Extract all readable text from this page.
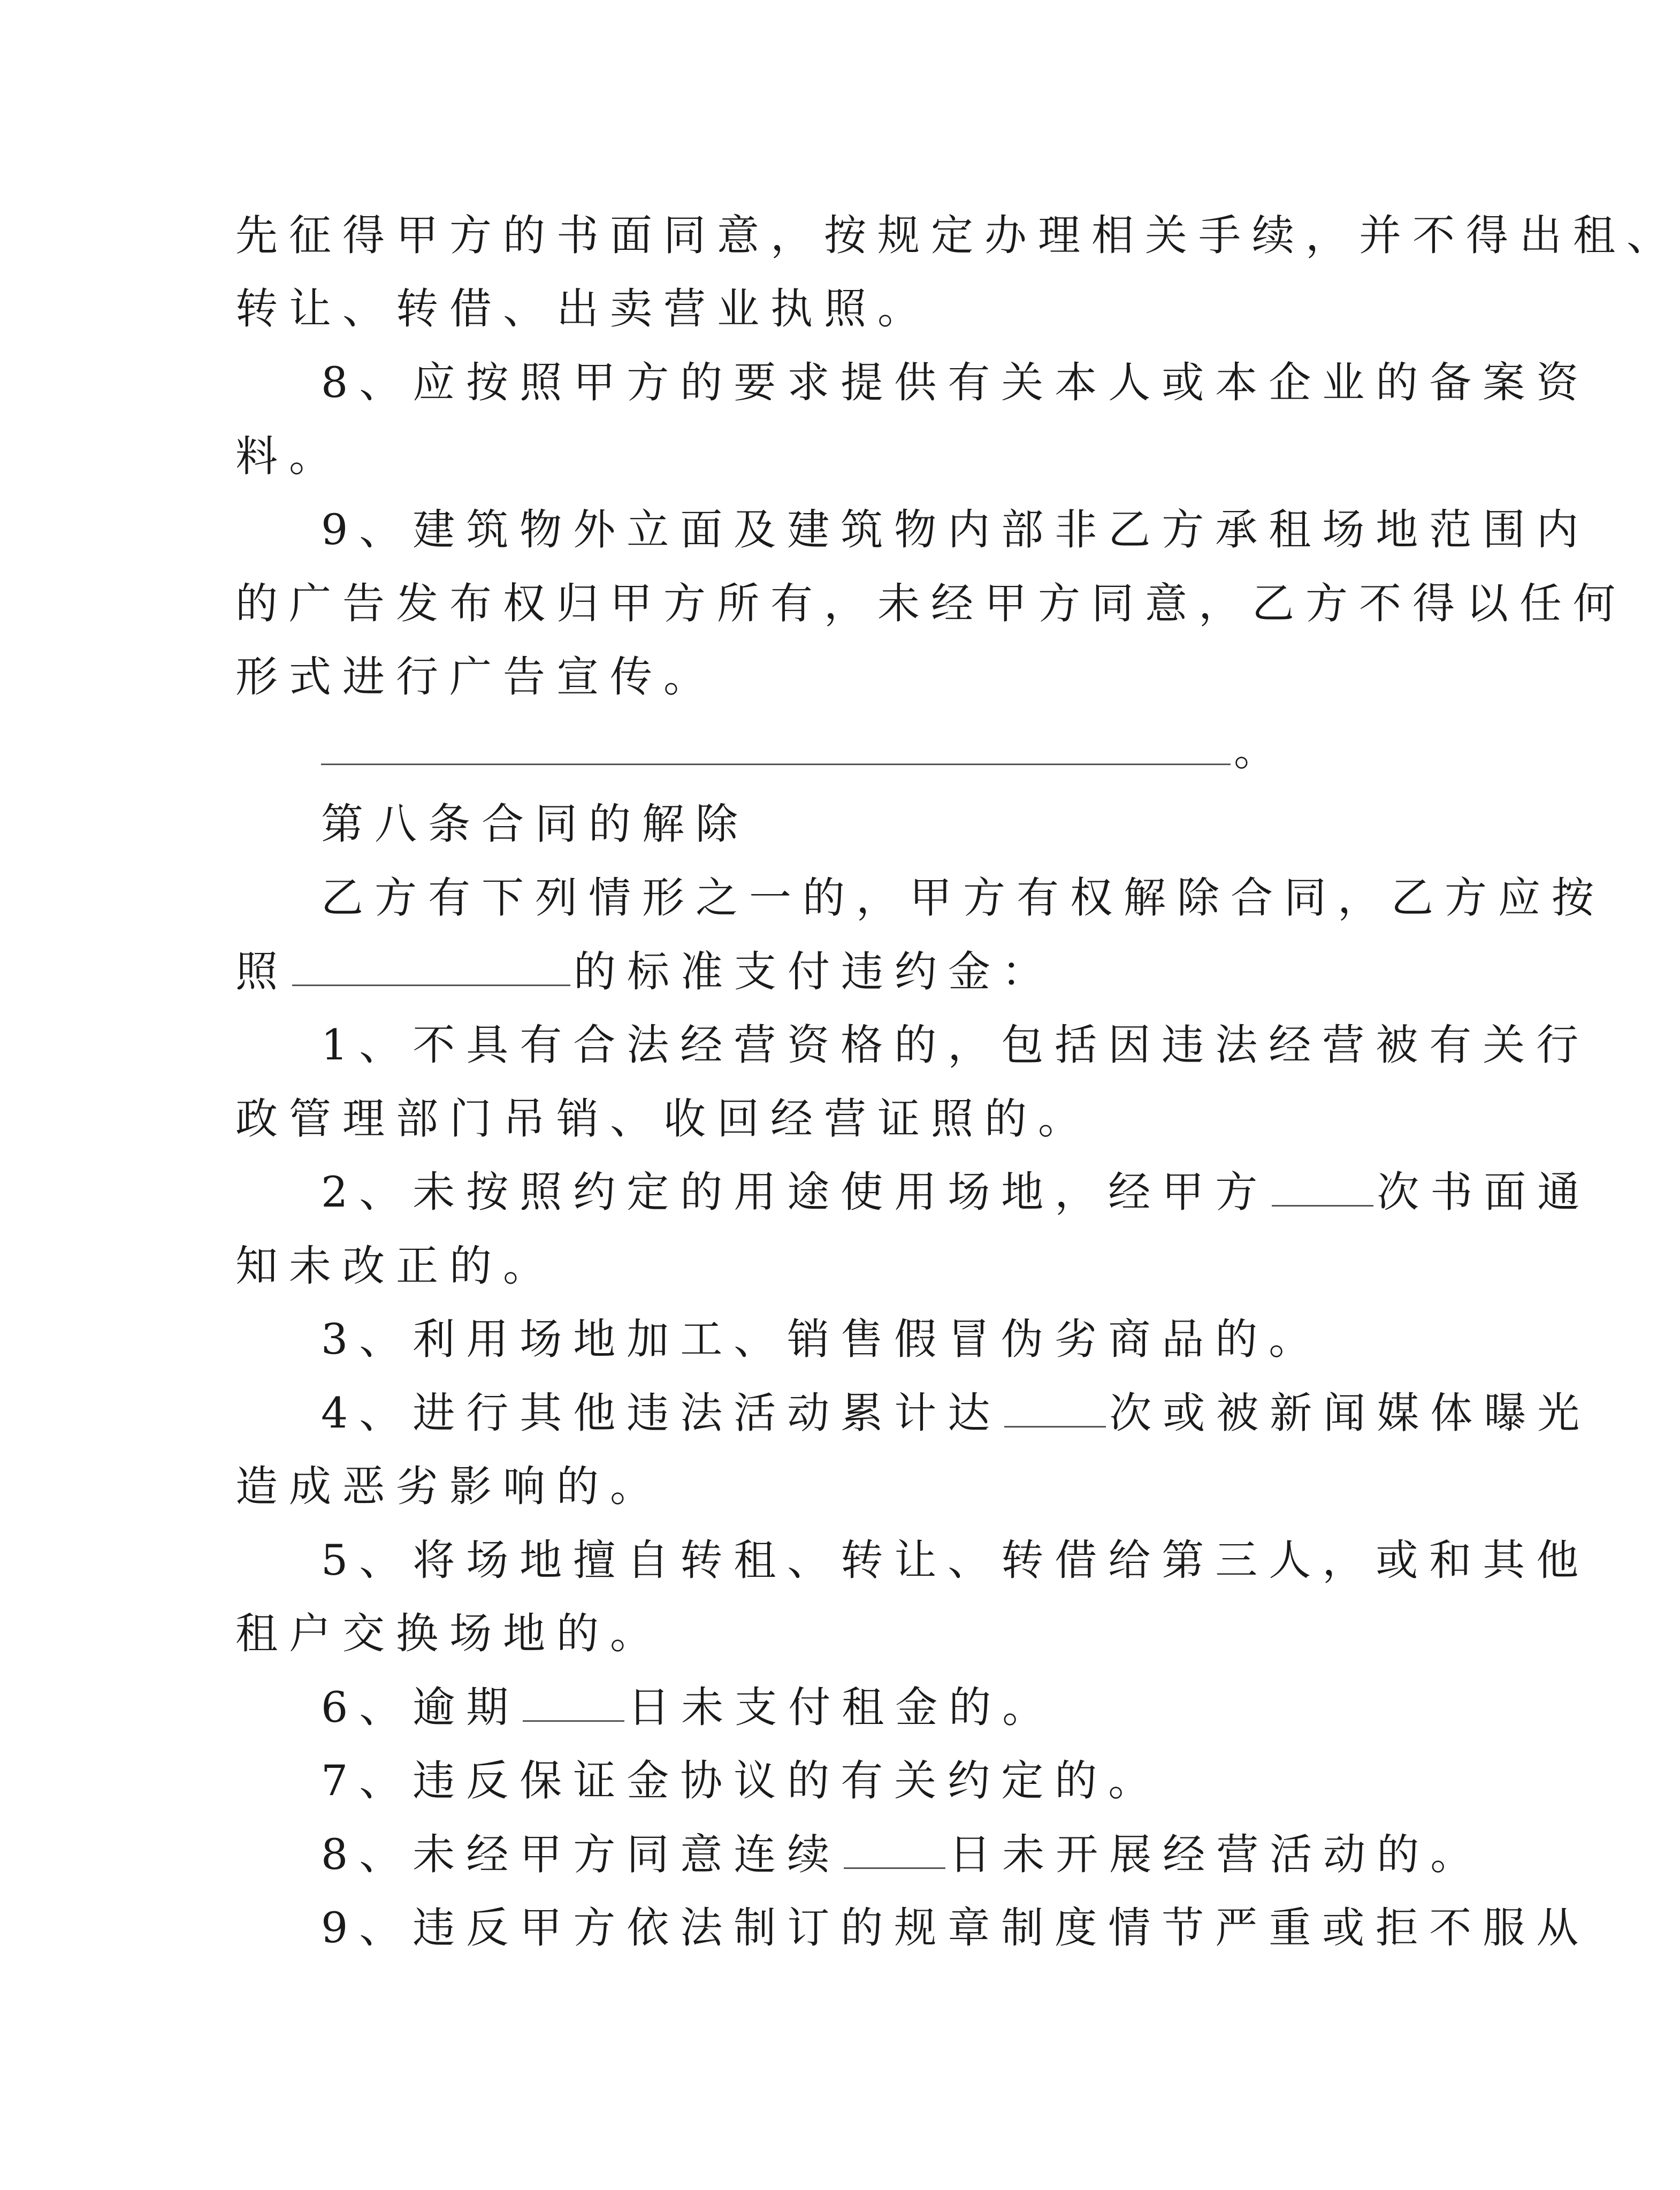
先征得甲方的书面同意，按规定办理相关手续，并不得出租、
转让、转借、出卖营业执照。
8、应按照甲方的要求提供有关本人或本企业的备案资
料。
9、建筑物外立面及建筑物内部非乙方承租场地范围内
的广告发布权归甲方所有，未经甲方同意，乙方不得以任何
形式进行广告宣传。
。
第八条合同的解除
乙方有下列情形之一的，甲方有权解除合同，乙方应按
照	的标准支付违约金：
1、不具有合法经营资格的，包括因违法经营被有关行
政管理部门吊销、收回经营证照的。
2、未按照约定的用途使用场地，经甲方	次书面通
知未改正的。
3、利用场地加工、销售假冒伪劣商品的。
4、进行其他违法活动累计达	次或被新闻媒体曝光
造成恶劣影响的。
5、将场地擅自转租、转让、转借给第三人，或和其他
租户交换场地的。
6、逾期	日未支付租金的。
7、违反保证金协议的有关约定的。
8、未经甲方同意连续	日未开展经营活动的。
9、违反甲方依法制订的规章制度情节严重或拒不服从
